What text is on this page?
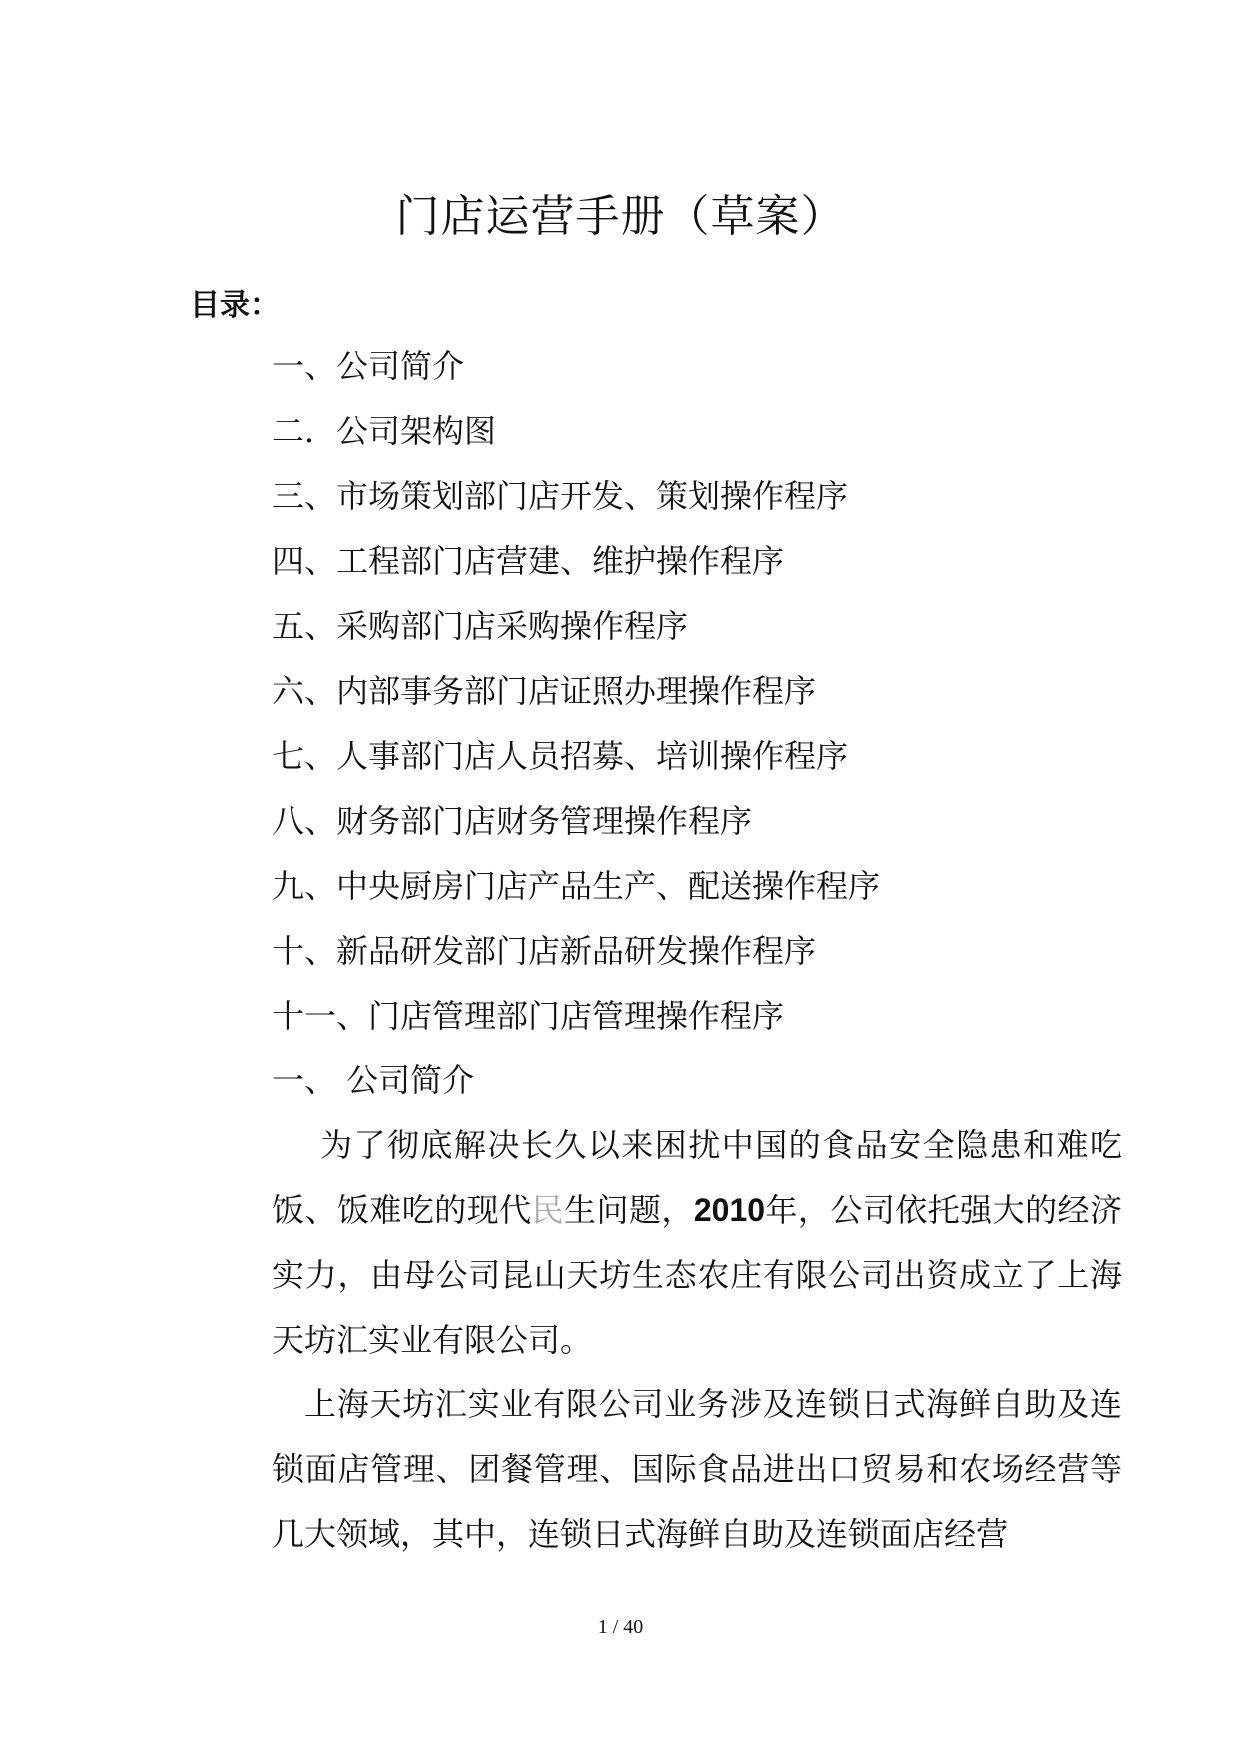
门店运营手册（草案）

目录：

一、公司简介
二．公司架构图
三、市场策划部门店开发、策划操作程序
四、工程部门店营建、维护操作程序
五、采购部门店采购操作程序
六、内部事务部门店证照办理操作程序
七、人事部门店人员招募、培训操作程序
八、财务部门店财务管理操作程序
九、中央厨房门店产品生产、配送操作程序
十、新品研发部门店新品研发操作程序
十一、门店管理部门店管理操作程序

一、 公司简介

为了彻底解决长久以来困扰中国的食品安全隐患和难吃饭、饭难吃的现代民生问题，2010年，公司依托强大的经济实力，由母公司昆山天坊生态农庄有限公司出资成立了上海天坊汇实业有限公司。

上海天坊汇实业有限公司业务涉及连锁日式海鲜自助及连锁面店管理、团餐管理、国际食品进出口贸易和农场经营等几大领域，其中，连锁日式海鲜自助及连锁面店经营

1 / 40
